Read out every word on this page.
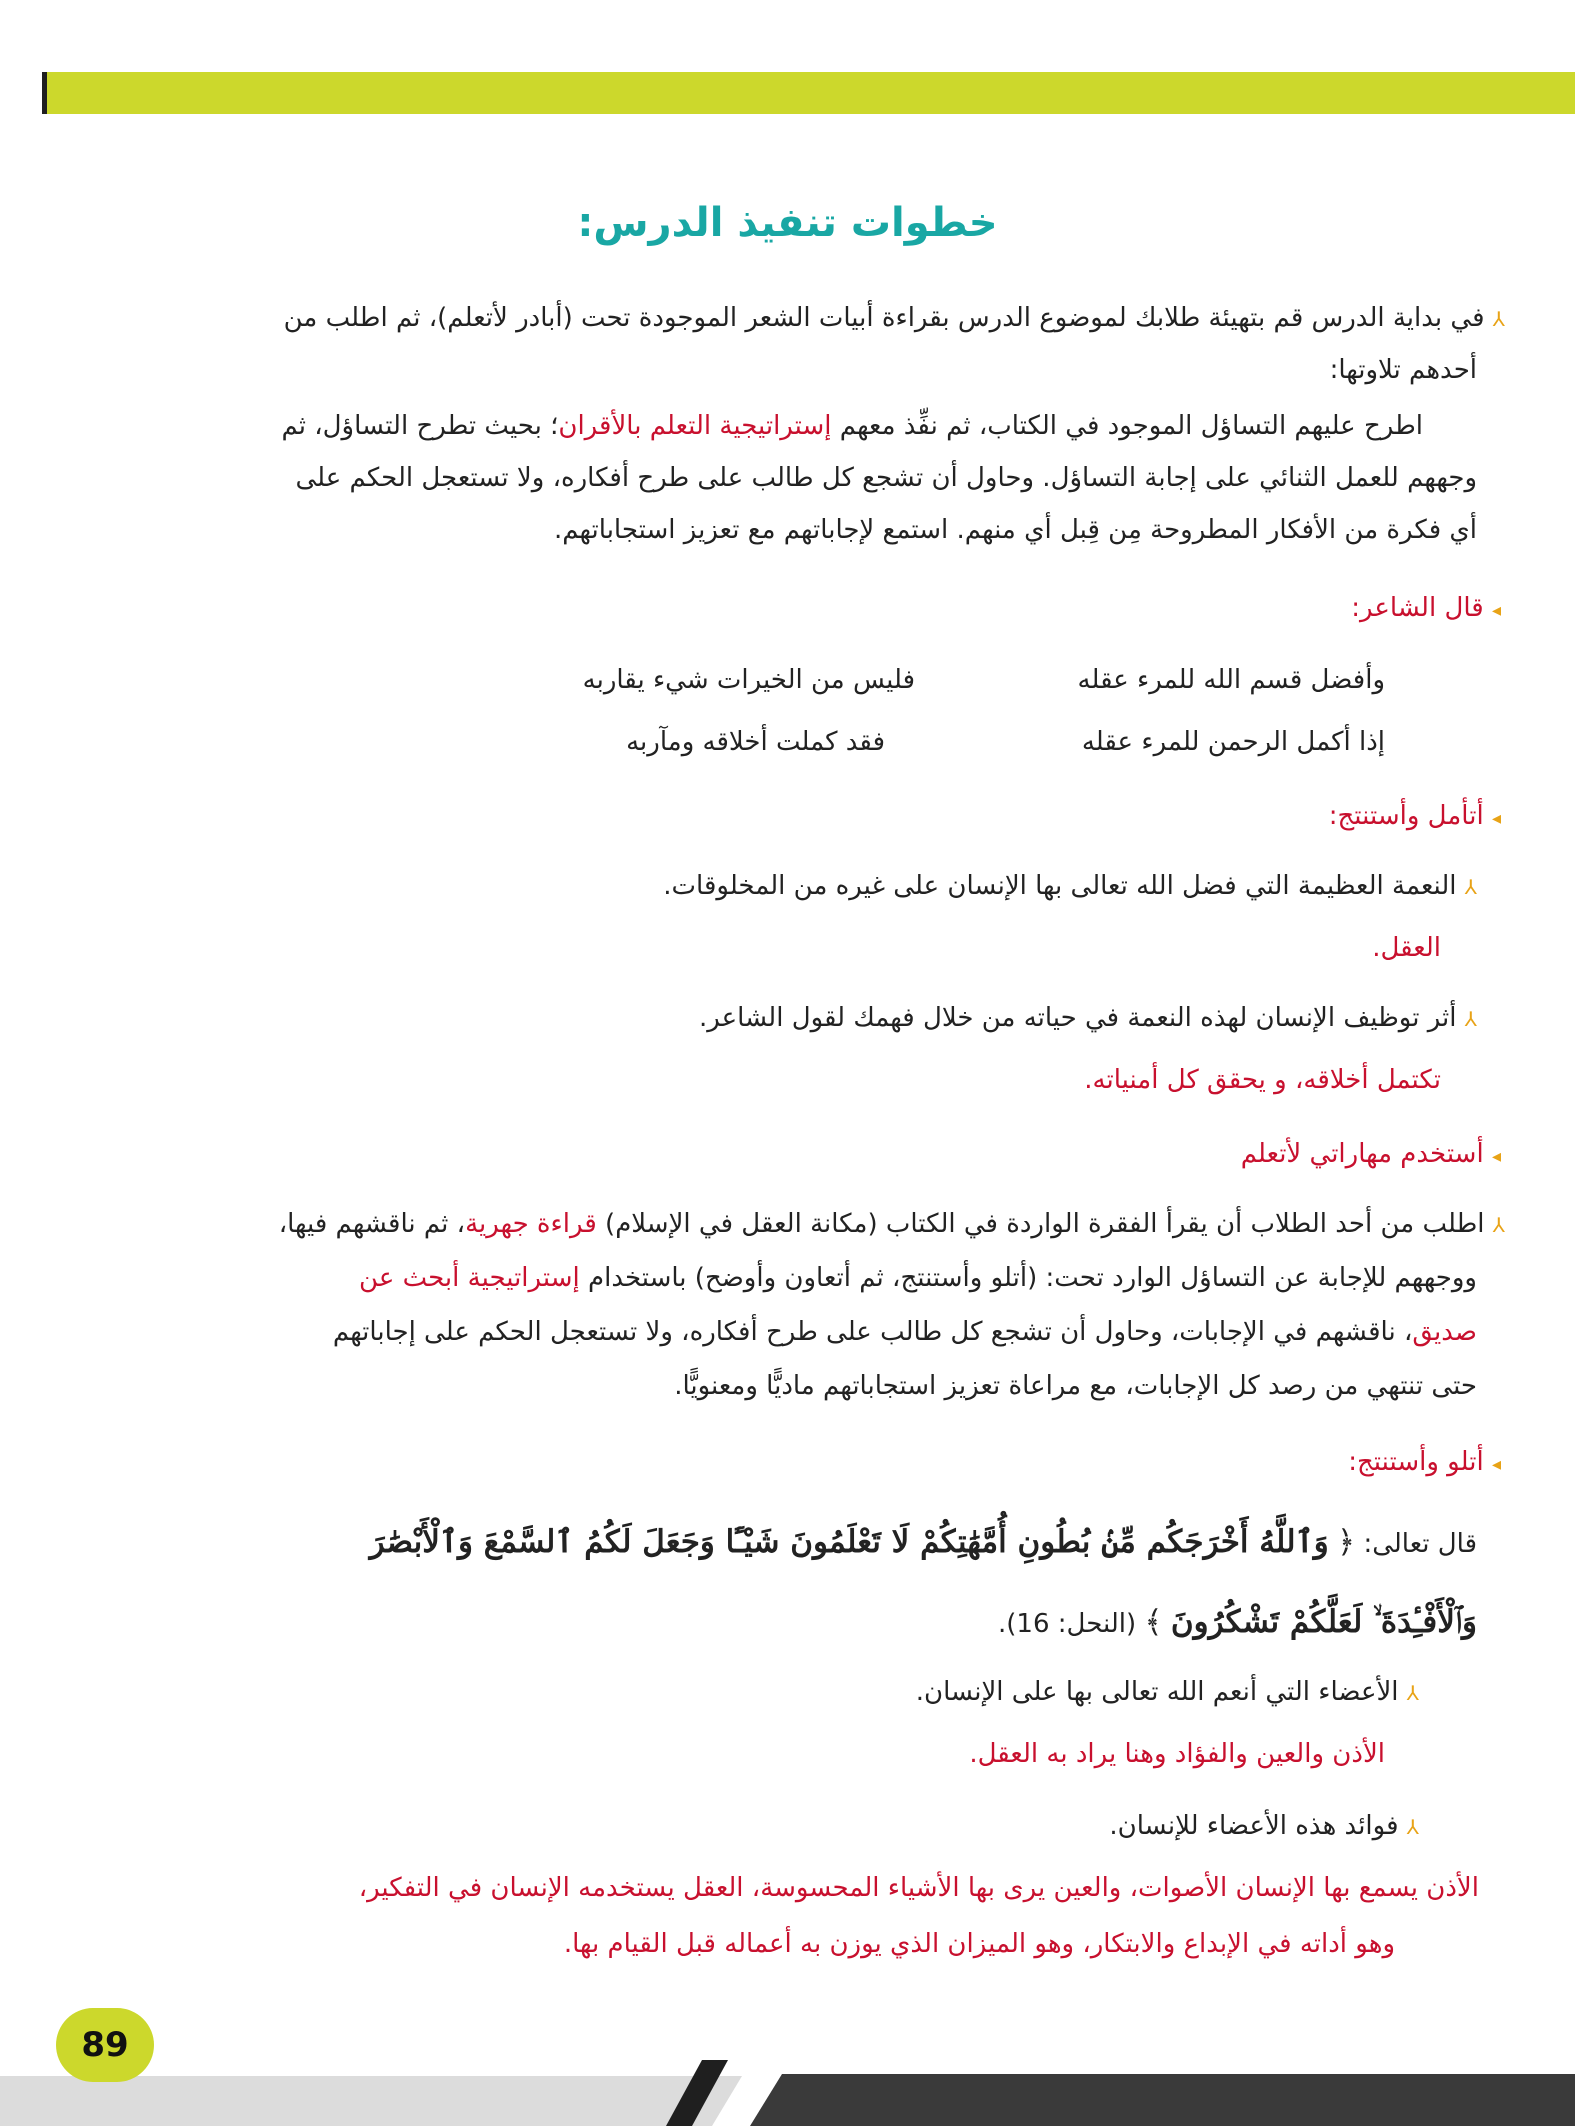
خطوات تنفيذ الدرس:
⅄ في بداية الدرس قم بتهيئة طلابك لموضوع الدرس بقراءة أبيات الشعر الموجودة تحت (أبادر لأتعلم)، ثم اطلب من
أحدهم تلاوتها:
اطرح عليهم التساؤل الموجود في الكتاب، ثم نفِّذ معهم إستراتيجية التعلم بالأقران؛ بحيث تطرح التساؤل، ثم
وجههم للعمل الثنائي على إجابة التساؤل. وحاول أن تشجع كل طالب على طرح أفكاره، ولا تستعجل الحكم على
أي فكرة من الأفكار المطروحة مِن قِبل أي منهم. استمع لإجاباتهم مع تعزيز استجاباتهم.
◂ قال الشاعر:
وأفضل قسم الله للمرء عقله
فليس من الخيرات شيء يقاربه
إذا أكمل الرحمن للمرء عقله
فقد كملت أخلاقه ومآربه
◂ أتأمل وأستنتج:
⅄ النعمة العظيمة التي فضل الله تعالى بها الإنسان على غيره من المخلوقات.
العقل.
⅄ أثر توظيف الإنسان لهذه النعمة في حياته من خلال فهمك لقول الشاعر.
تكتمل أخلاقه، و يحقق كل أمنياته.
◂ أستخدم مهاراتي لأتعلم
⅄ اطلب من أحد الطلاب أن يقرأ الفقرة الواردة في الكتاب (مكانة العقل في الإسلام) قراءة جهرية، ثم ناقشهم فيها،
ووجههم للإجابة عن التساؤل الوارد تحت: (أتلو وأستنتج، ثم أتعاون وأوضح) باستخدام إستراتيجية أبحث عن
صديق، ناقشهم في الإجابات، وحاول أن تشجع كل طالب على طرح أفكاره، ولا تستعجل الحكم على إجاباتهم
حتى تنتهي من رصد كل الإجابات، مع مراعاة تعزيز استجاباتهم ماديًّا ومعنويًّا.
◂ أتلو وأستنتج:
قال تعالى: ﴿ وَٱللَّهُ أَخْرَجَكُم مِّنۢ بُطُونِ أُمَّهَٰتِكُمْ لَا تَعْلَمُونَ شَيْـًٔا وَجَعَلَ لَكُمُ ٱلسَّمْعَ وَٱلْأَبْصَٰرَ
وَٱلْأَفْـِٔدَةَ ۙ لَعَلَّكُمْ تَشْكُرُونَ ﴾ (النحل: 16).
⅄ الأعضاء التي أنعم الله تعالى بها على الإنسان.
الأذن والعين والفؤاد وهنا يراد به العقل.
⅄ فوائد هذه الأعضاء للإنسان.
الأذن يسمع بها الإنسان الأصوات، والعين يرى بها الأشياء المحسوسة، العقل يستخدمه الإنسان في التفكير،
وهو أداته في الإبداع والابتكار، وهو الميزان الذي يوزن به أعماله قبل القيام بها.
89
